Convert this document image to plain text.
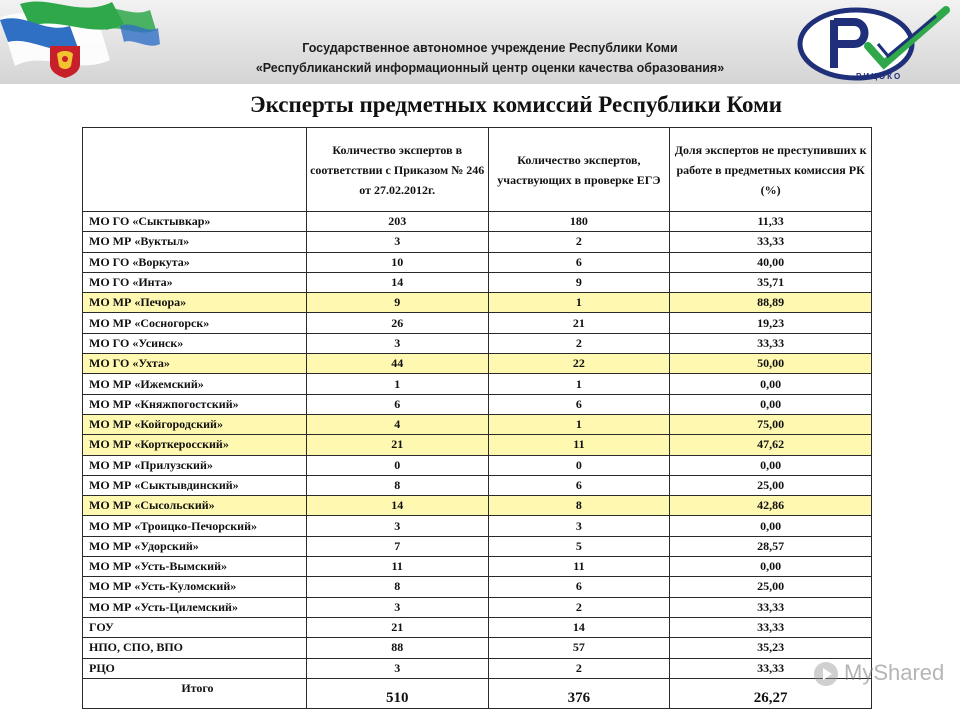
Государственное автономное учреждение Республики Коми
«Республиканский информационный центр оценки качества образования»
РИЦОКО
Эксперты предметных комиссий Республики Коми
	Количество экспертов в соответствии с Приказом № 246 от 27.02.2012г.	Количество экспертов, участвующих в проверке ЕГЭ	Доля экспертов не преступивших к работе в предметных комиссия РК (%)
МО ГО «Сыктывкар»	203	180	11,33
МО МР «Вуктыл»	3	2	33,33
МО ГО «Воркута»	10	6	40,00
МО ГО «Инта»	14	9	35,71
МО МР «Печора»	9	1	88,89
МО МР «Сосногорск»	26	21	19,23
МО ГО «Усинск»	3	2	33,33
МО ГО «Ухта»	44	22	50,00
МО МР «Ижемский»	1	1	0,00
МО МР «Княжпогостский»	6	6	0,00
МО МР «Койгородский»	4	1	75,00
МО МР «Корткеросский»	21	11	47,62
МО МР «Прилузский»	0	0	0,00
МО МР «Сыктывдинский»	8	6	25,00
МО МР «Сысольский»	14	8	42,86
МО МР «Троицко-Печорский»	3	3	0,00
МО МР «Удорский»	7	5	28,57
МО МР «Усть-Вымский»	11	11	0,00
МО МР «Усть-Куломский»	8	6	25,00
МО МР «Усть-Цилемский»	3	2	33,33
ГОУ	21	14	33,33
НПО, СПО, ВПО	88	57	35,23
РЦО	3	2	33,33
Итого	510	376	26,27
MyShared
